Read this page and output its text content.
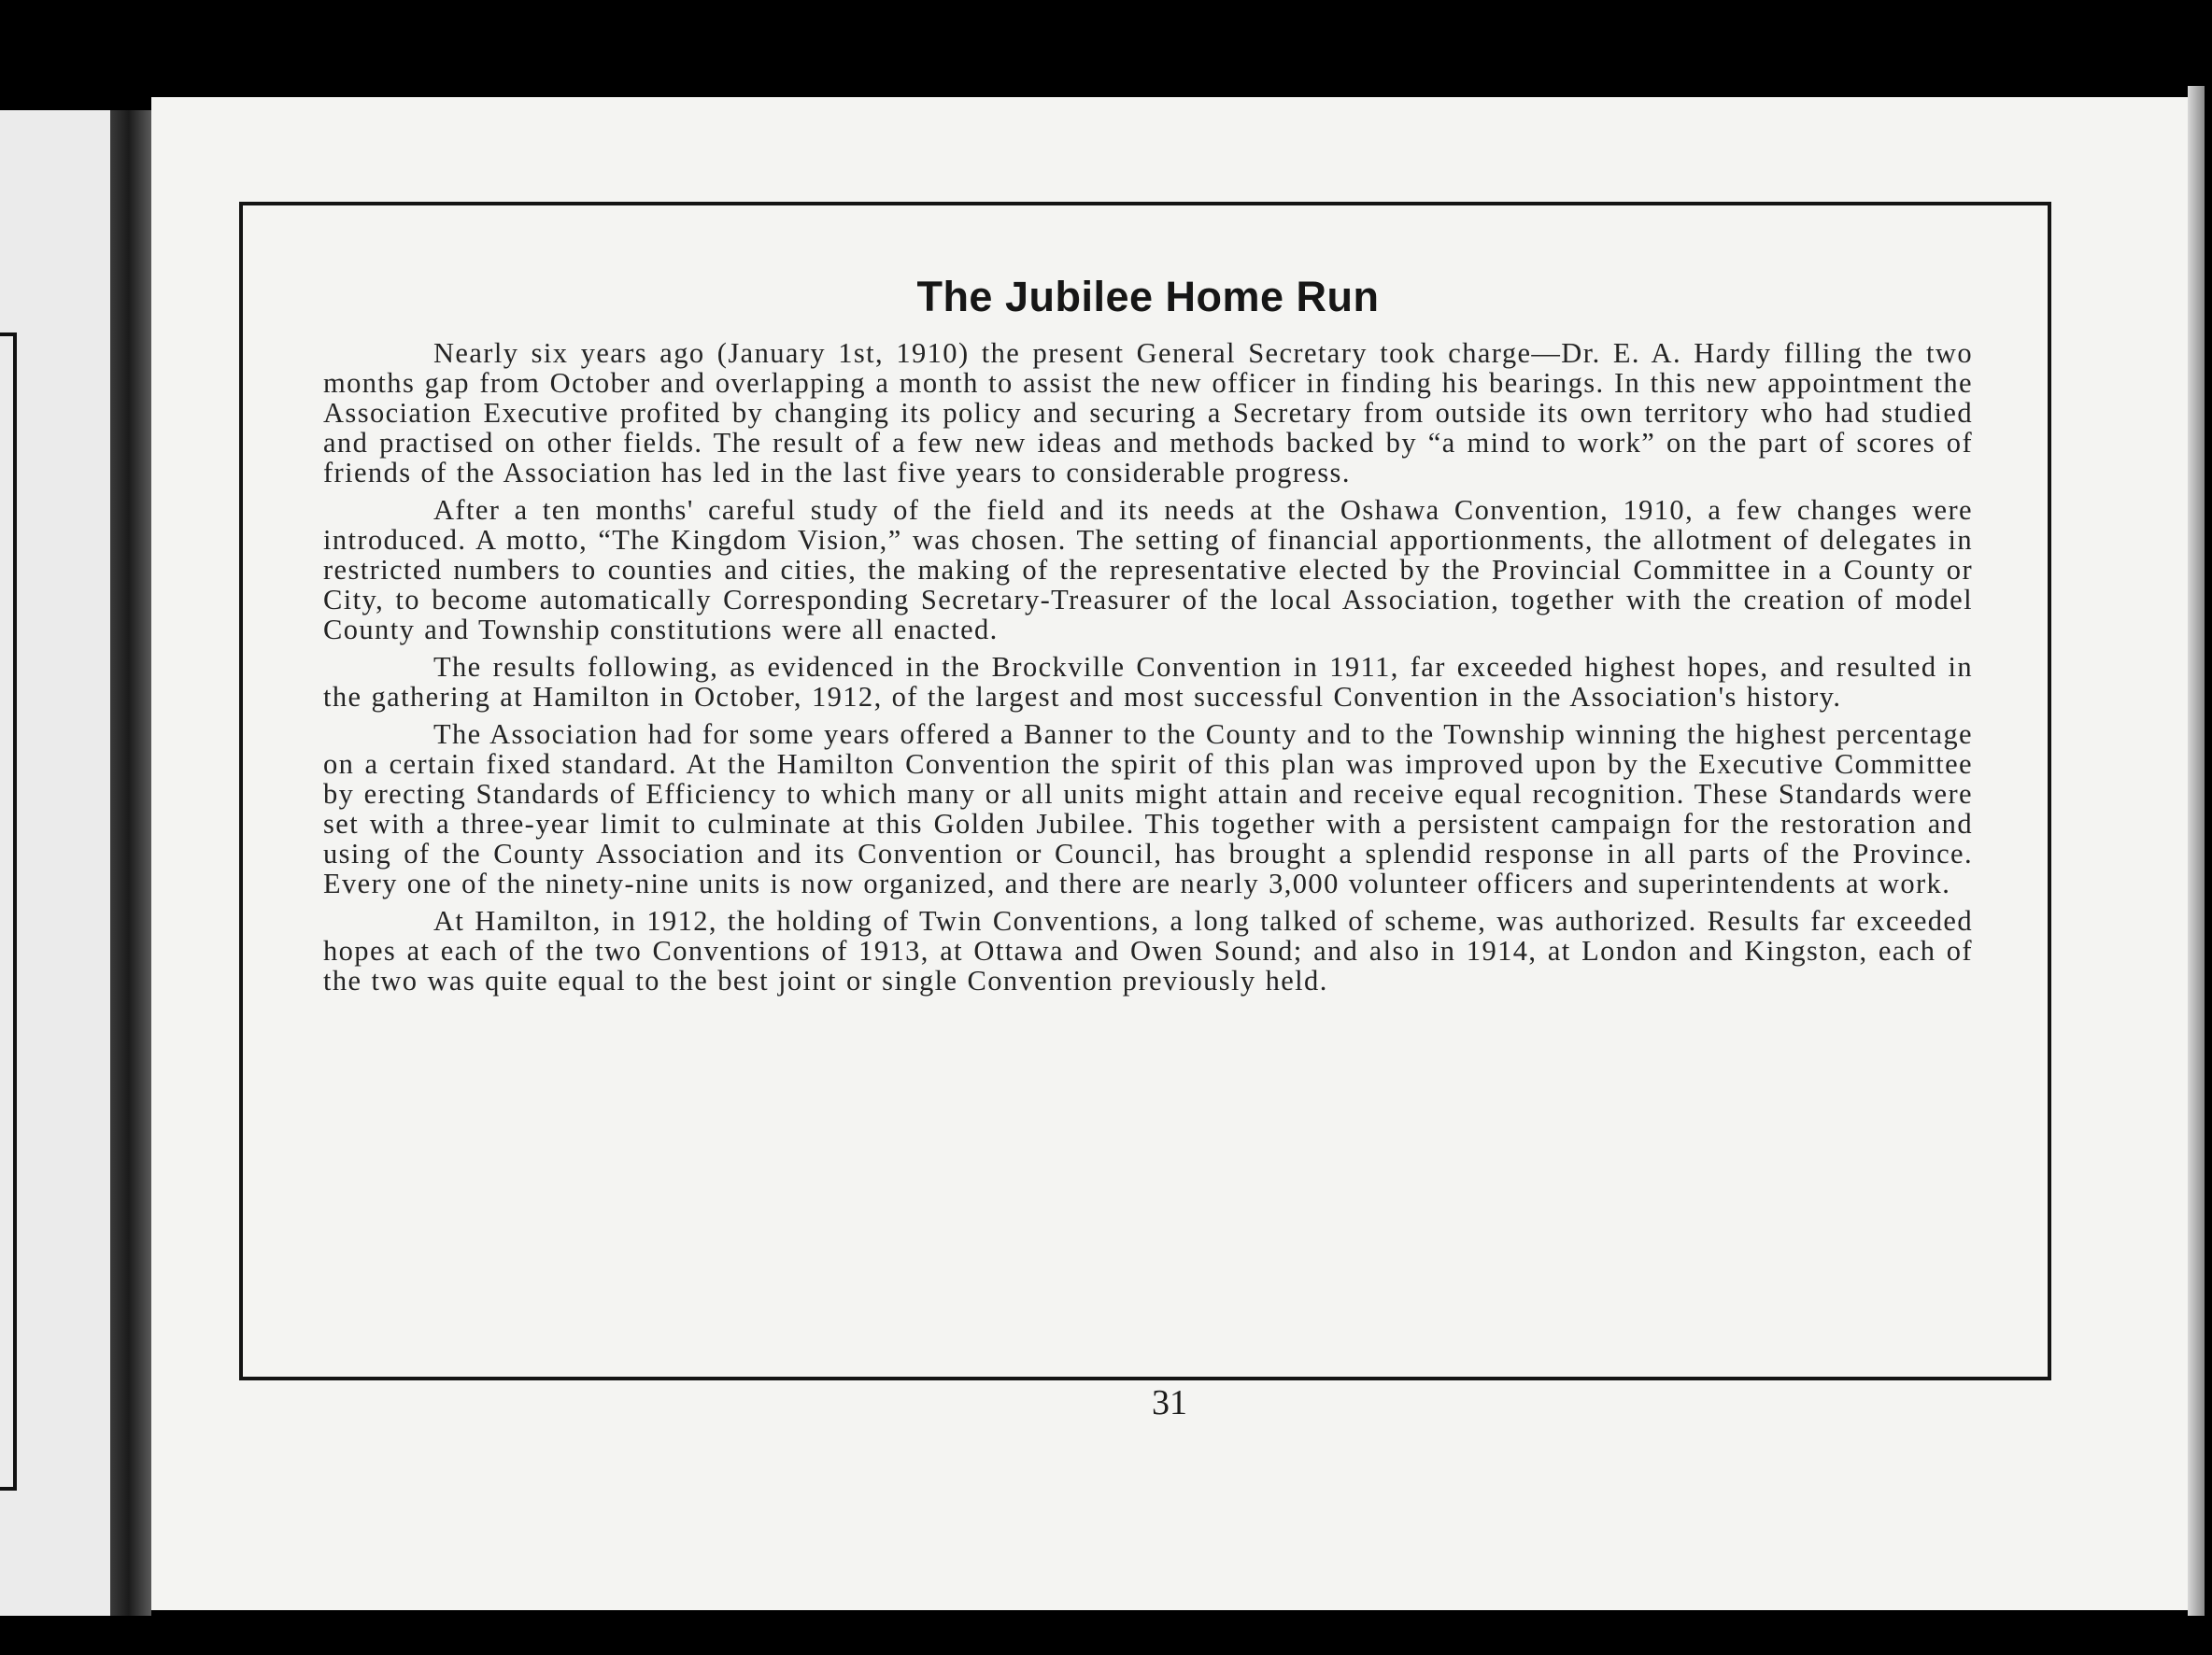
The Jubilee Home Run

Nearly six years ago (January 1st, 1910) the present General Secretary took charge—Dr. E. A. Hardy filling the two months gap from October and overlapping a month to assist the new officer in finding his bearings. In this new appointment the Association Executive profited by changing its policy and securing a Secretary from outside its own territory who had studied and practised on other fields. The result of a few new ideas and methods backed by “a mind to work” on the part of scores of friends of the Association has led in the last five years to considerable progress.

After a ten months' careful study of the field and its needs at the Oshawa Convention, 1910, a few changes were introduced. A motto, “The Kingdom Vision,” was chosen. The setting of financial apportionments, the allotment of delegates in restricted numbers to counties and cities, the making of the representative elected by the Provincial Committee in a County or City, to become automatically Corresponding Secretary-Treasurer of the local Association, together with the creation of model County and Township constitutions were all enacted.

The results following, as evidenced in the Brockville Convention in 1911, far exceeded highest hopes, and resulted in the gathering at Hamilton in October, 1912, of the largest and most successful Convention in the Association's history.

The Association had for some years offered a Banner to the County and to the Township winning the highest percentage on a certain fixed standard. At the Hamilton Convention the spirit of this plan was improved upon by the Executive Committee by erecting Standards of Efficiency to which many or all units might attain and receive equal recognition. These Standards were set with a three-year limit to culminate at this Golden Jubilee. This together with a persistent campaign for the restoration and using of the County Association and its Convention or Council, has brought a splendid response in all parts of the Province. Every one of the ninety-nine units is now organized, and there are nearly 3,000 volunteer officers and superintendents at work.

At Hamilton, in 1912, the holding of Twin Conventions, a long talked of scheme, was authorized. Results far exceeded hopes at each of the two Conventions of 1913, at Ottawa and Owen Sound; and also in 1914, at London and Kingston, each of the two was quite equal to the best joint or single Convention previously held.

31
